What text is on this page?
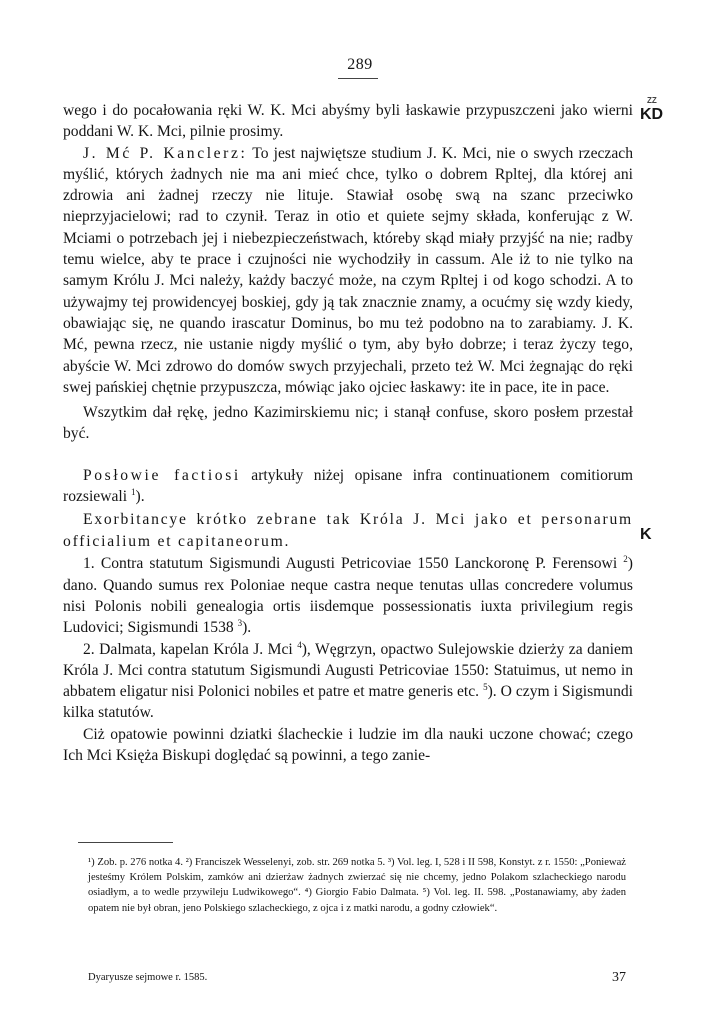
289
ZZ
KD
K

wego i do pocałowania ręki W. K. Mci abyśmy byli łaskawie przypuszczeni jako wierni poddani W. K. Mci, pilnie prosimy.

J. Mć P. Kanclerz: To jest najwiętsze studium J. K. Mci, nie o swych rzeczach myślić, których żadnych nie ma ani mieć chce, tylko o dobrem Rpltej, dla której ani zdrowia ani żadnej rzeczy nie lituje. Stawiał osobę swą na szanc przeciwko nieprzyjacielowi; rad to czynił. Teraz in otio et quiete sejmy składa, konferując z W. Mciami o potrzebach jej i niebezpieczeństwach, któreby skąd miały przyjść na nie; radby temu wielce, aby te prace i czujności nie wychodziły in cassum. Ale iż to nie tylko na samym Królu J. Mci należy, każdy baczyć może, na czym Rpltej i od kogo schodzi. A to używajmy tej prowidencyej boskiej, gdy ją tak znacznie znamy, a ocućmy się wzdy kiedy, obawiając się, ne quando irascatur Dominus, bo mu też podobno na to zarabiamy. J. K. Mć, pewna rzecz, nie ustanie nigdy myślić o tym, aby było dobrze; i teraz życzy tego, abyście W. Mci zdrowo do domów swych przyjechali, przeto też W. Mci żegnając do ręki swej pańskiej chętnie przypuszcza, mówiąc jako ojciec łaskawy: ite in pace, ite in pace.

Wszytkim dał rękę, jedno Kazimirskiemu nic; i stanął confuse, skoro posłem przestał być.

Posłowie factiosi artykuły niżej opisane infra continuationem comitiorum rozsiewali $^1$).

Exorbitancye krótko zebrane tak Króla J. Mci jako et personarum officialium et capitaneorum.

1. Contra statutum Sigismundi Augusti Petricoviae 1550 Lanckoronę P. Ferensowi $^2$) dano. Quando sumus rex Poloniae neque castra neque tenutas ullas concredere volumus nisi Polonis nobili genealogia ortis iisdemque possessionatis iuxta privilegium regis Ludovici; Sigismundi 1538 $^3$).

2. Dalmata, kapelan Króla J. Mci $^4$), Węgrzyn, opactwo Sulejowskie dzierży za daniem Króla J. Mci contra statutum Sigismundi Augusti Petricoviae 1550: Statuimus, ut nemo in abbatem eligatur nisi Polonici nobiles et patre et matre generis etc. $^5$). O czym i Sigismundi kilka statutów.

Ciż opatowie powinni dziatki ślacheckie i ludzie im dla nauki uczone chować; czego Ich Mci Księża Biskupi doględać są powinni, a tego zanie-

¹) Zob. p. 276 notka 4. ²) Franciszek Wesselenyi, zob. str. 269 notka 5. ³) Vol. leg. I, 528 i II 598, Konstyt. z r. 1550: „Ponieważ jesteśmy Królem Polskim, zamków ani dzierżaw żadnych zwierzać się nie chcemy, jedno Polakom szlacheckiego narodu osiadłym, a to wedle przywileju Ludwikowego“. ⁴) Giorgio Fabio Dalmata. ⁵) Vol. leg. II. 598. „Postanawiamy, aby żaden opatem nie był obran, jeno Polskiego szlacheckiego, z ojca i z matki narodu, a godny człowiek“.

Dyaryusze sejmowe r. 1585.	37
